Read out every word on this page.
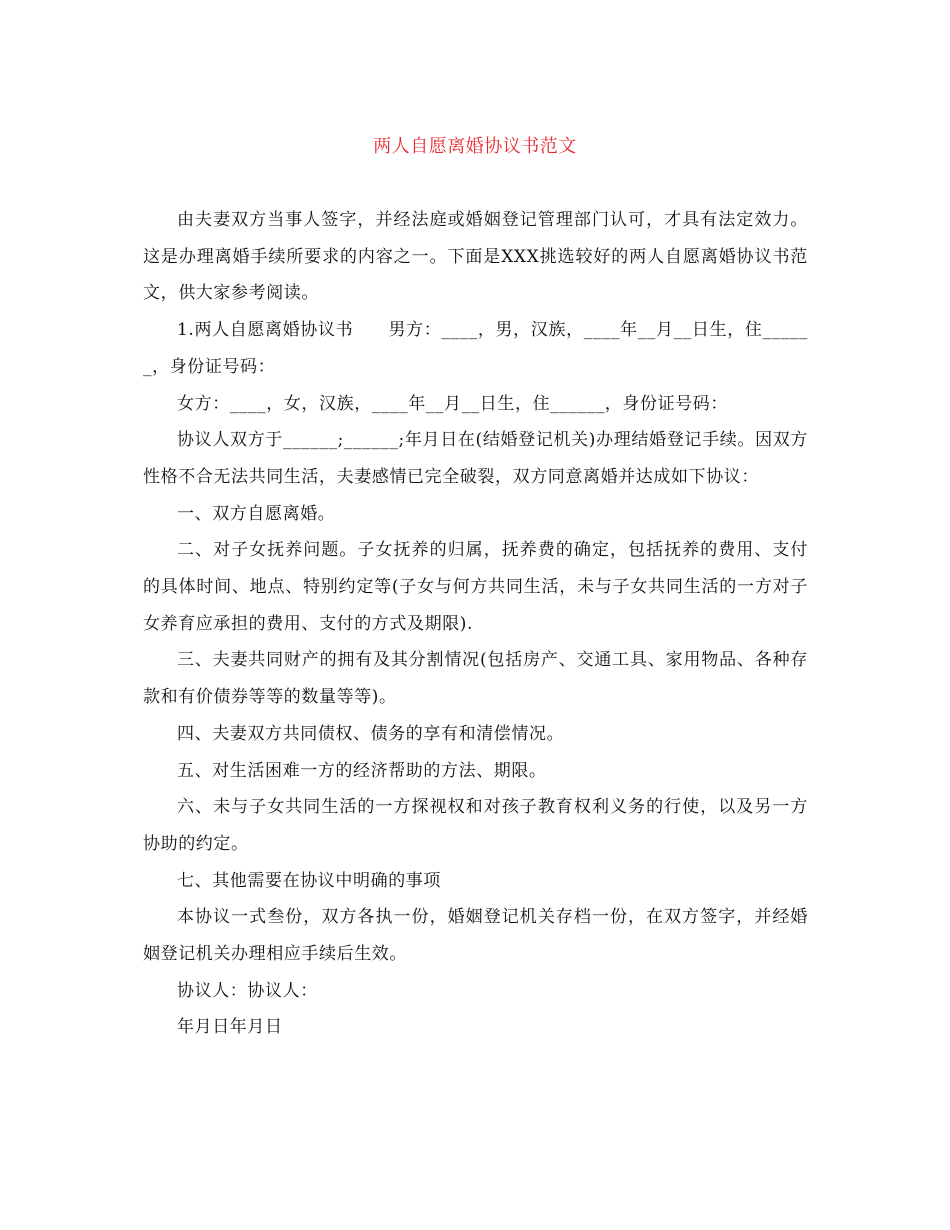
两人自愿离婚协议书范文

由夫妻双方当事人签字，并经法庭或婚姻登记管理部门认可，才具有法定效力。这是办理离婚手续所要求的内容之一。下面是XXX挑选较好的两人自愿离婚协议书范文，供大家参考阅读。

1.两人自愿离婚协议书　　男方：____，男，汉族，____年__月__日生，住______，身份证号码：

女方：____，女，汉族，____年__月__日生，住______，身份证号码：

协议人双方于______;______;年月日在(结婚登记机关)办理结婚登记手续。因双方性格不合无法共同生活，夫妻感情已完全破裂，双方同意离婚并达成如下协议：

一、双方自愿离婚。

二、对子女抚养问题。子女抚养的归属，抚养费的确定，包括抚养的费用、支付的具体时间、地点、特别约定等(子女与何方共同生活，未与子女共同生活的一方对子女养育应承担的费用、支付的方式及期限).

三、夫妻共同财产的拥有及其分割情况(包括房产、交通工具、家用物品、各种存款和有价债券等等的数量等等)。

四、夫妻双方共同债权、债务的享有和清偿情况。

五、对生活困难一方的经济帮助的方法、期限。

六、未与子女共同生活的一方探视权和对孩子教育权利义务的行使，以及另一方协助的约定。

七、其他需要在协议中明确的事项

本协议一式叁份，双方各执一份，婚姻登记机关存档一份，在双方签字，并经婚姻登记机关办理相应手续后生效。

协议人：协议人：

年月日年月日
